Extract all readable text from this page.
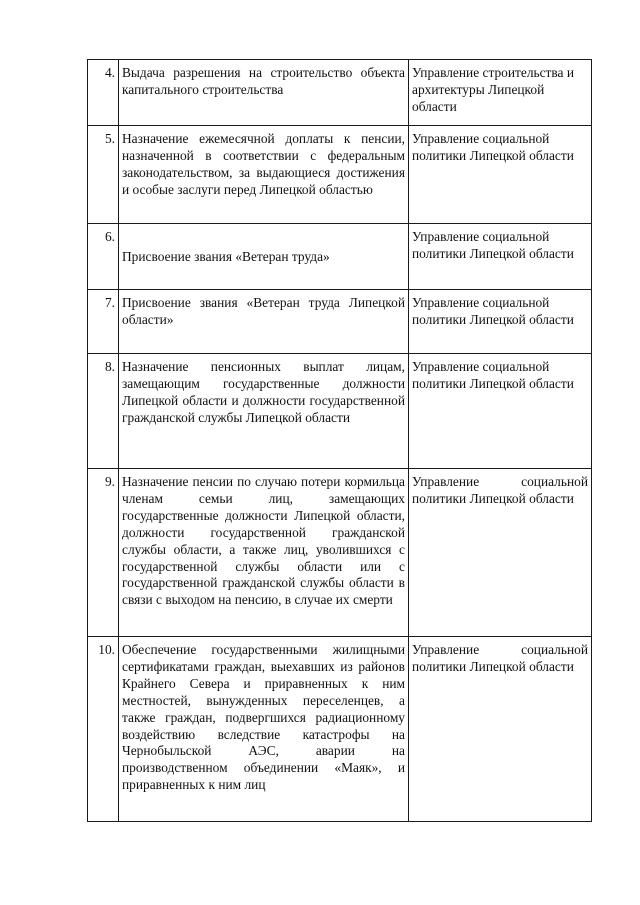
4.	Выдача разрешения на строительство объекта капитального строительства	Управление строительства и архитектуры Липецкой области
5.	Назначение ежемесячной доплаты к пенсии, назначенной в соответствии с федеральным законодательством, за выдающиеся достижения и особые заслуги перед Липецкой областью	Управление социальной политики Липецкой области
6.	Присвоение звания «Ветеран труда»	Управление социальной политики Липецкой области
7.	Присвоение звания «Ветеран труда Липецкой области»	Управление социальной политики Липецкой области
8.	Назначение пенсионных выплат лицам, замещающим государственные должности Липецкой области и должности государственной гражданской службы Липецкой области	Управление социальной политики Липецкой области
9.	Назначение пенсии по случаю потери кормильца членам семьи лиц, замещающих государственные должности Липецкой области, должности государственной гражданской службы области, а также лиц, уволившихся с государственной службы области или с государственной гражданской службы области в связи с выходом на пенсию, в случае их смерти	Управление социальной политики Липецкой области
10.	Обеспечение государственными жилищными сертификатами граждан, выехавших из районов Крайнего Севера и приравненных к ним местностей, вынужденных переселенцев, а также граждан, подвергшихся радиационному воздействию вследствие катастрофы на Чернобыльской АЭС, аварии на производственном объединении «Маяк», и приравненных к ним лиц	Управление социальной политики Липецкой области
